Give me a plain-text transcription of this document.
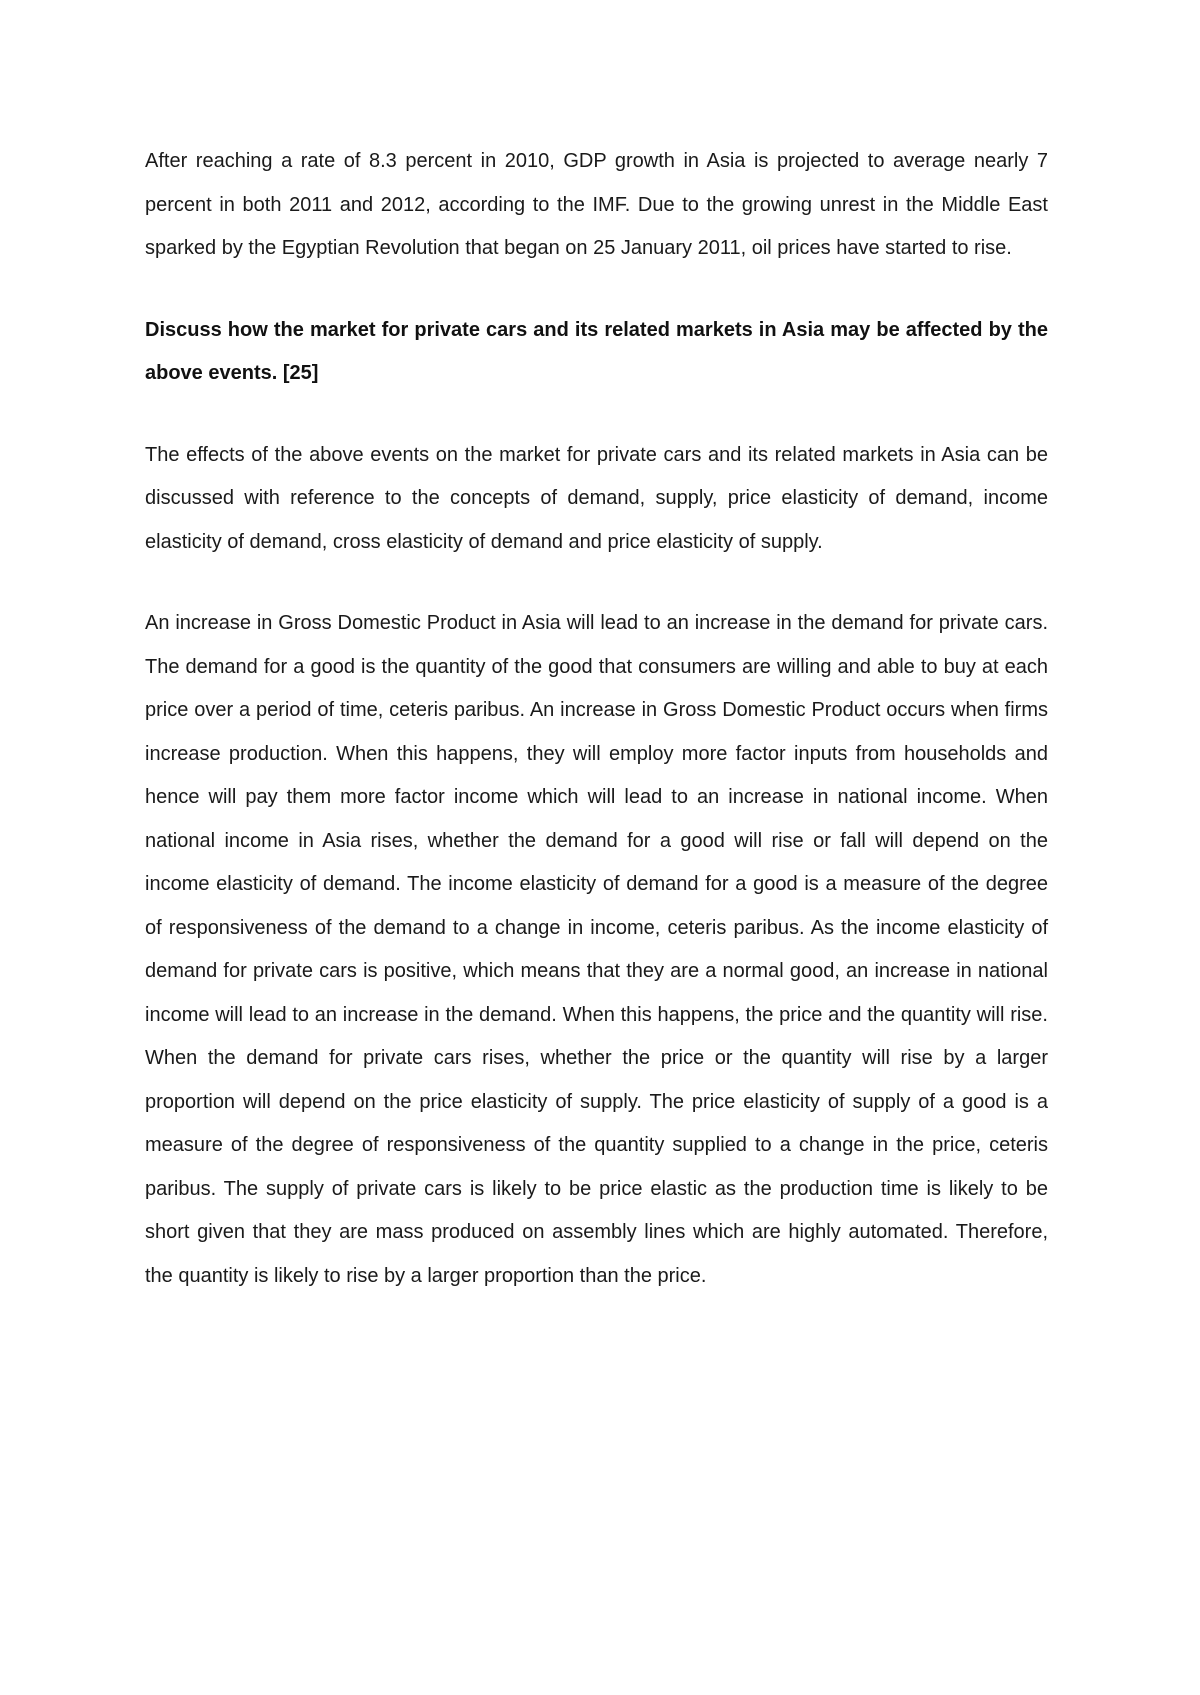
After reaching a rate of 8.3 percent in 2010, GDP growth in Asia is projected to average nearly 7 percent in both 2011 and 2012, according to the IMF. Due to the growing unrest in the Middle East sparked by the Egyptian Revolution that began on 25 January 2011, oil prices have started to rise.

Discuss how the market for private cars and its related markets in Asia may be affected by the above events. [25]

The effects of the above events on the market for private cars and its related markets in Asia can be discussed with reference to the concepts of demand, supply, price elasticity of demand, income elasticity of demand, cross elasticity of demand and price elasticity of supply.

An increase in Gross Domestic Product in Asia will lead to an increase in the demand for private cars. The demand for a good is the quantity of the good that consumers are willing and able to buy at each price over a period of time, ceteris paribus. An increase in Gross Domestic Product occurs when firms increase production. When this happens, they will employ more factor inputs from households and hence will pay them more factor income which will lead to an increase in national income. When national income in Asia rises, whether the demand for a good will rise or fall will depend on the income elasticity of demand. The income elasticity of demand for a good is a measure of the degree of responsiveness of the demand to a change in income, ceteris paribus. As the income elasticity of demand for private cars is positive, which means that they are a normal good, an increase in national income will lead to an increase in the demand. When this happens, the price and the quantity will rise. When the demand for private cars rises, whether the price or the quantity will rise by a larger proportion will depend on the price elasticity of supply. The price elasticity of supply of a good is a measure of the degree of responsiveness of the quantity supplied to a change in the price, ceteris paribus. The supply of private cars is likely to be price elastic as the production time is likely to be short given that they are mass produced on assembly lines which are highly automated. Therefore, the quantity is likely to rise by a larger proportion than the price.
